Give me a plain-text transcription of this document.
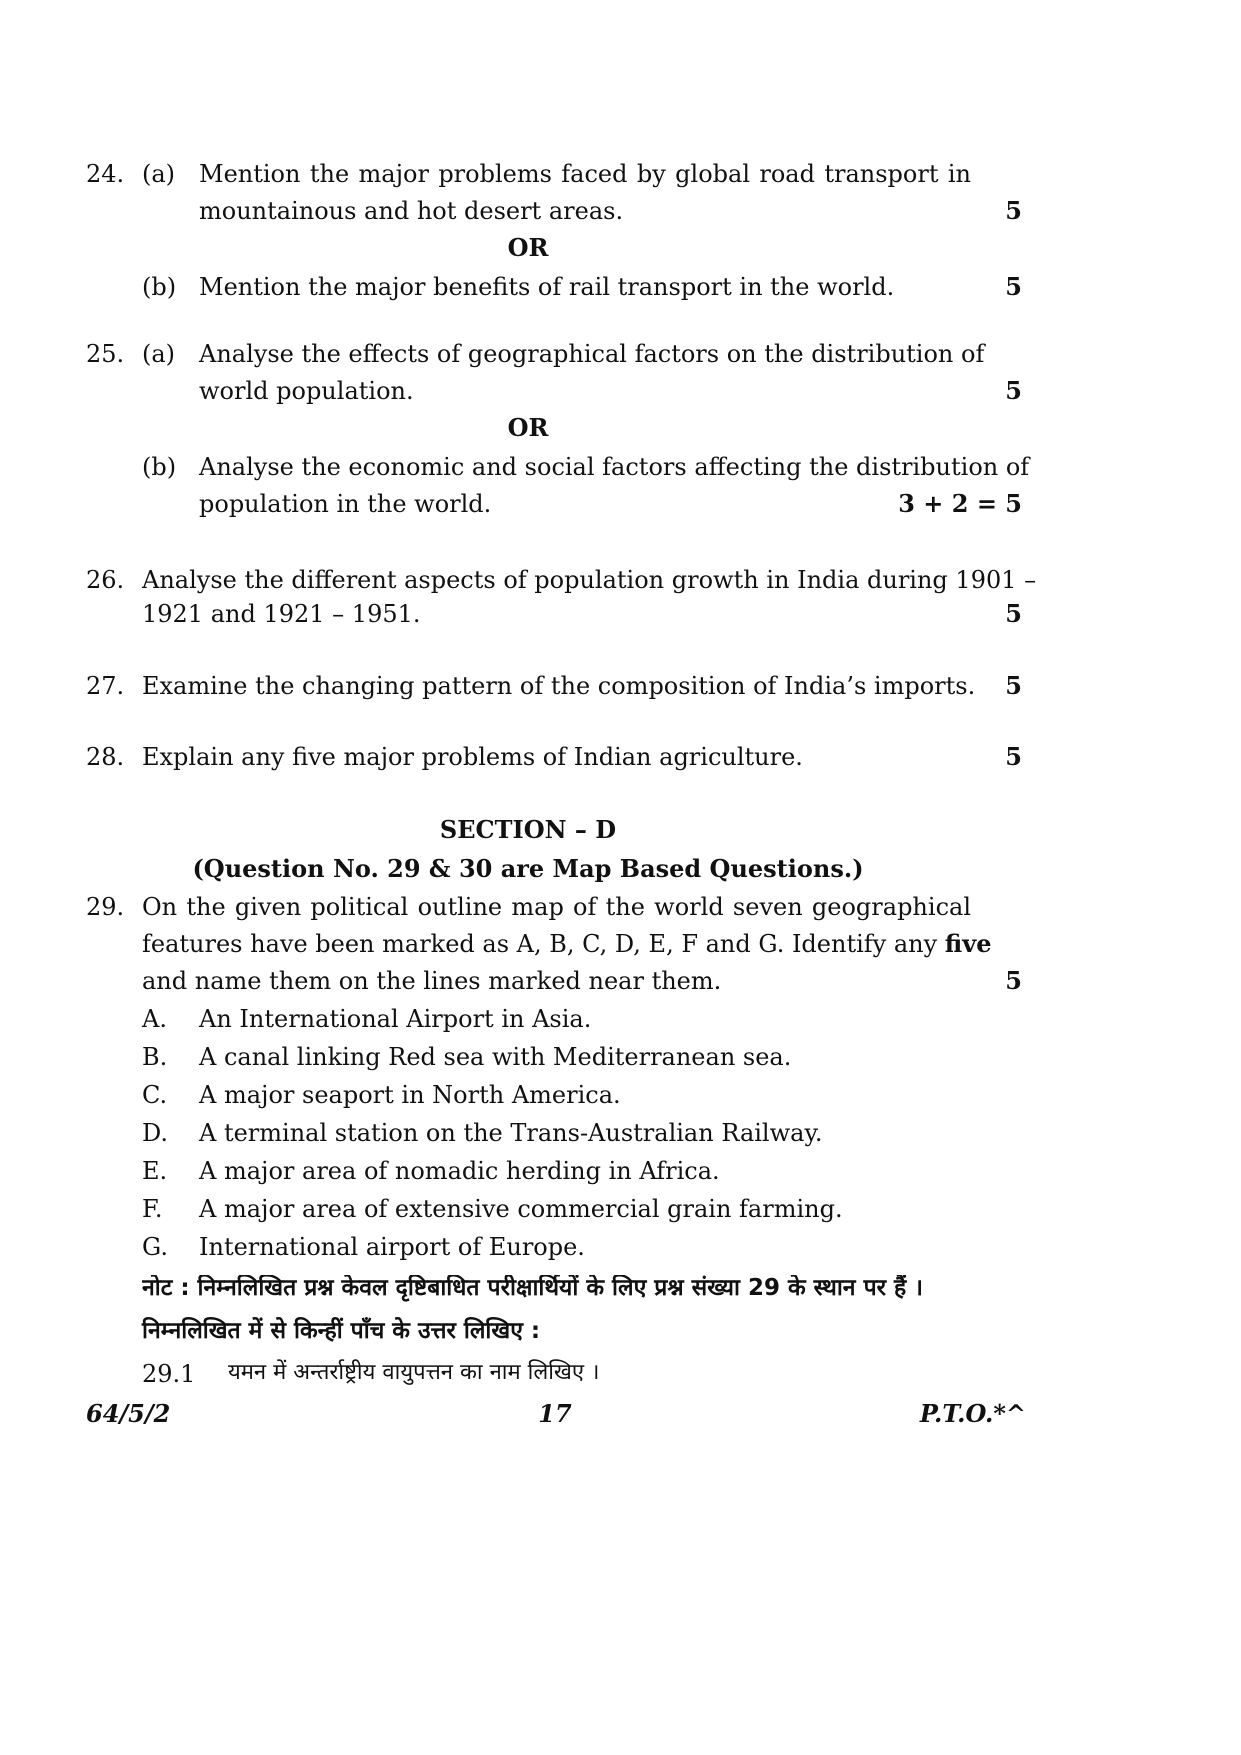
24. (a) Mention the major problems faced by global road transport in
mountainous and hot desert areas.	5
OR
(b) Mention the major benefits of rail transport in the world.	5
25. (a) Analyse the effects of geographical factors on the distribution of
world population.	5
OR
(b) Analyse the economic and social factors affecting the distribution of
population in the world.	3 + 2 = 5
26. Analyse the different aspects of population growth in India during 1901 –
1921 and 1921 – 1951.	5
27. Examine the changing pattern of the composition of India’s imports.	5
28. Explain any five major problems of Indian agriculture.	5
SECTION – D
(Question No. 29 & 30 are Map Based Questions.)
29. On the given political outline map of the world seven geographical
features have been marked as A, B, C, D, E, F and G. Identify any five
and name them on the lines marked near them.	5
A. An International Airport in Asia.
B. A canal linking Red sea with Mediterranean sea.
C. A major seaport in North America.
D. A terminal station on the Trans-Australian Railway.
E. A major area of nomadic herding in Africa.
F. A major area of extensive commercial grain farming.
G. International airport of Europe.
नोट : निम्नलिखित प्रश्न केवल दृष्टिबाधित परीक्षार्थियों के लिए प्रश्न संख्या 29 के स्थान पर हैं ।
निम्नलिखित में से किन्हीं पाँच के उत्तर लिखिए :
29.1 यमन में अन्तर्राष्ट्रीय वायुपत्तन का नाम लिखिए ।
64/5/2	17	P.T.O.*^
